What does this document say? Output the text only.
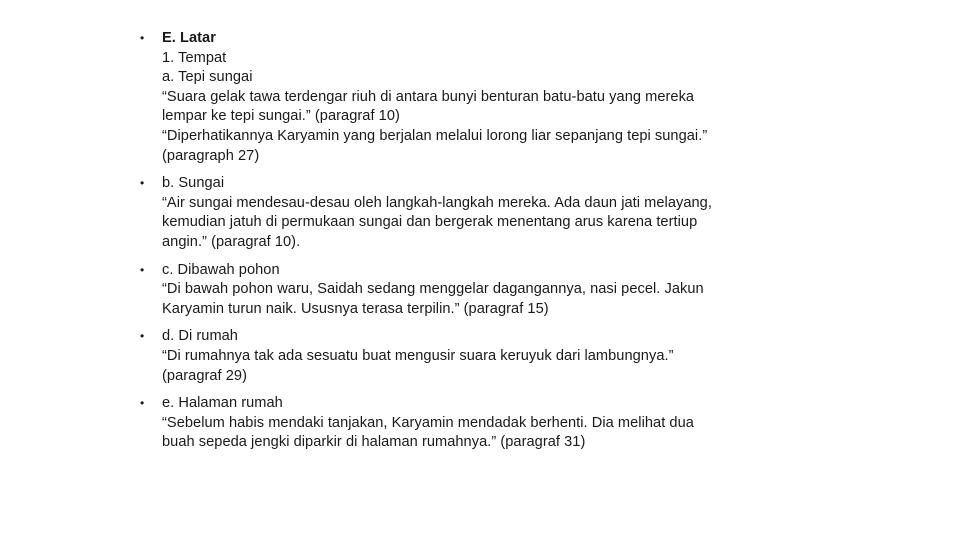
•	E. Latar
1. Tempat
a. Tepi sungai
“Suara gelak tawa terdengar riuh di antara bunyi benturan batu-batu yang mereka
lempar ke tepi sungai.” (paragraf 10)
“Diperhatikannya Karyamin yang berjalan melalui lorong liar sepanjang tepi sungai.”
(paragraph 27)
•	b. Sungai
“Air sungai mendesau-desau oleh langkah-langkah mereka. Ada daun jati melayang,
kemudian jatuh di permukaan sungai dan bergerak menentang arus karena tertiup
angin.” (paragraf 10).
•	c. Dibawah pohon
“Di bawah pohon waru, Saidah sedang menggelar dagangannya, nasi pecel. Jakun
Karyamin turun naik. Ususnya terasa terpilin.” (paragraf 15)
•	d. Di rumah
“Di rumahnya tak ada sesuatu buat mengusir suara keruyuk dari lambungnya.”
(paragraf 29)
•	e. Halaman rumah
“Sebelum habis mendaki tanjakan, Karyamin mendadak berhenti. Dia melihat dua
buah sepeda jengki diparkir di halaman rumahnya.” (paragraf 31)
